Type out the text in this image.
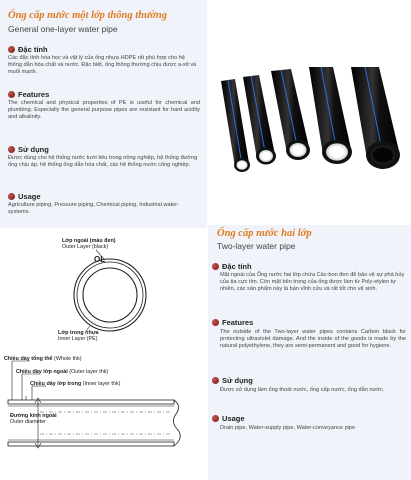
Ống cấp nước một lớp thông thường
General one-layer water pipe
Đặc tính
Các đặc tính hóa học và vật lý của ống nhựa HDPE rất phù hợp cho hệ thống dẫn hóa chất và nước. Đặc biệt, ống thông thường chịu được a-xít và muối mạnh.
Features
The chemical and physical properties of PE is useful for chemical and plumbing. Especially the general purpose pipes are resistant for hard acidity and alkalinity.
Sử dụng
Được dùng cho hệ thống nước tưới tiêu trong nông nghiệp, hệ thống đường ống chịu áp, hệ thống ống dẫn hóa chất, các hệ thống nước công nghiệp.
Usage
Agriculture piping, Pressure piping, Chemical piping, Industrial water-systems.
Ống cấp nước hai lớp
Two-layer water pipe
Đặc tính
Mặt ngoài của Ống nước hai lớp chứa Các-bon đen để bảo vệ sự phá hủy của tia cực tím. Còn mặt bên trong của ống được làm từ Poly-etylen tự nhiên, các sản phẩm này là bán vĩnh cửu và rất tốt cho vệ sinh.
Features
The outside of the Two-layer water pipes contains Carbon black for protecting ultraviolet damage. And the inside of the goods is made by the natural polyethylene, they are semi-permanent and good for hygiene.
Sử dụng
Được sử dụng làm ống thoát nước, ống cấp nước, ống dẫn nước.
Usage
Drain pipe, Water-supply pipe, Water-conveyance pipe
Lớp ngoài (màu đen)
Outer Layer (black)
OL
Lớp trong nhựa
Inner Layer (PE)
Chiều dày tổng thể (Whole thk)
Chiều dày lớp ngoài (Outer layer thk)
Chiều dày lớp trong (Inner layer thk)
Đường kính ngoài
Outer diameter
